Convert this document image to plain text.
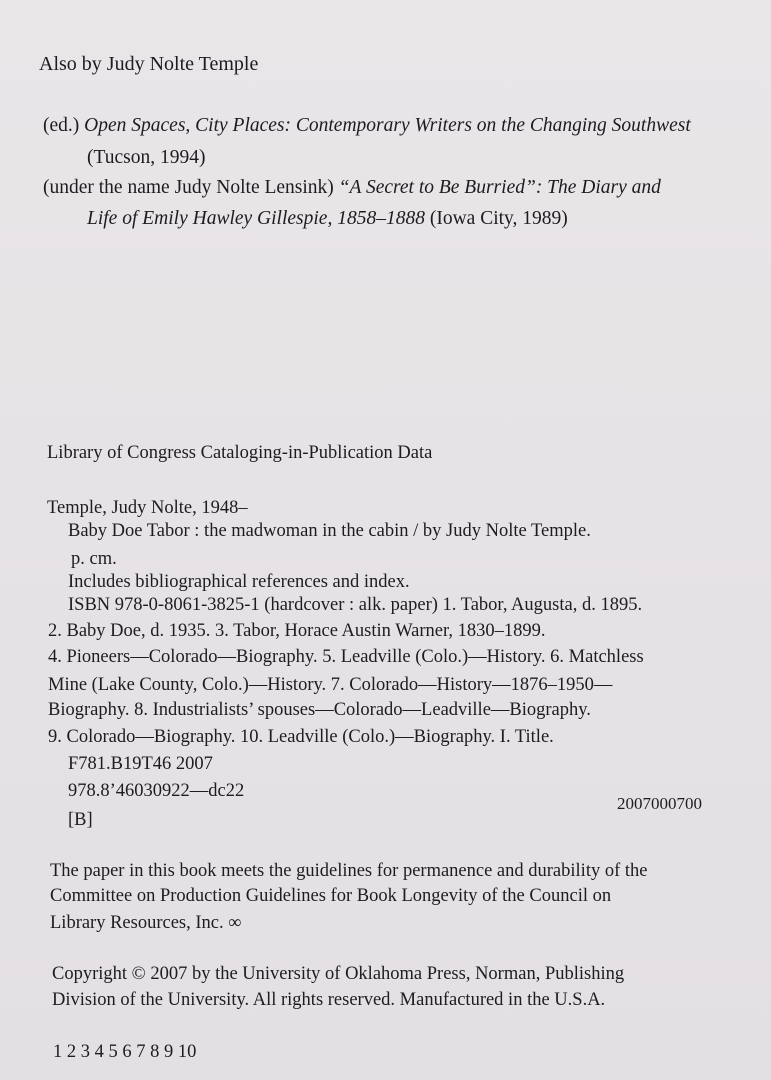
Also by Judy Nolte Temple
(ed.) Open Spaces, City Places: Contemporary Writers on the Changing Southwest
(Tucson, 1994)
(under the name Judy Nolte Lensink) “A Secret to Be Burried”: The Diary and
Life of Emily Hawley Gillespie, 1858–1888 (Iowa City, 1989)
Library of Congress Cataloging-in-Publication Data
Temple, Judy Nolte, 1948–
Baby Doe Tabor : the madwoman in the cabin / by Judy Nolte Temple.
p. cm.
Includes bibliographical references and index.
ISBN 978-0-8061-3825-1 (hardcover : alk. paper) 1. Tabor, Augusta, d. 1895.
2. Baby Doe, d. 1935. 3. Tabor, Horace Austin Warner, 1830–1899.
4. Pioneers—Colorado—Biography. 5. Leadville (Colo.)—History. 6. Matchless
Mine (Lake County, Colo.)—History. 7. Colorado—History—1876–1950—
Biography. 8. Industrialists’ spouses—Colorado—Leadville—Biography.
9. Colorado—Biography. 10. Leadville (Colo.)—Biography. I. Title.
F781.B19T46 2007
978.8’46030922—dc22
[B]
2007000700
The paper in this book meets the guidelines for permanence and durability of the
Committee on Production Guidelines for Book Longevity of the Council on
Library Resources, Inc. ∞
Copyright © 2007 by the University of Oklahoma Press, Norman, Publishing
Division of the University. All rights reserved. Manufactured in the U.S.A.
1 2 3 4 5 6 7 8 9 10
